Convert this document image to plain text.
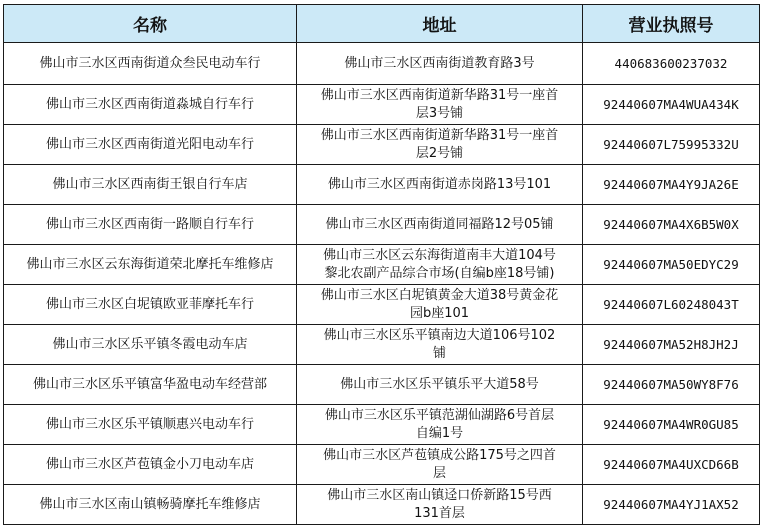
名称	地址	营业执照号
佛山市三水区西南街道众叁民电动车行	佛山市三水区西南街道教育路3号	440683600237032
佛山市三水区西南街道淼城自行车行	佛山市三水区西南街道新华路31号一座首层3号铺	92440607MA4WUA434K
佛山市三水区西南街道光阳电动车行	佛山市三水区西南街道新华路31号一座首层2号铺	92440607L75995332U
佛山市三水区西南街王银自行车店	佛山市三水区西南街道赤岗路13号101	92440607MA4Y9JA26E
佛山市三水区西南街一路顺自行车行	佛山市三水区西南街道同福路12号05铺	92440607MA4X6B5W0X
佛山市三水区云东海街道荣北摩托车维修店	佛山市三水区云东海街道南丰大道104号黎北农副产品综合市场(自编b座18号铺)	92440607MA50EDYC29
佛山市三水区白坭镇欧亚菲摩托车行	佛山市三水区白坭镇黄金大道38号黄金花园b座101	92440607L60248043T
佛山市三水区乐平镇冬霞电动车店	佛山市三水区乐平镇南边大道106号102铺	92440607MA52H8JH2J
佛山市三水区乐平镇富华盈电动车经营部	佛山市三水区乐平镇乐平大道58号	92440607MA50WY8F76
佛山市三水区乐平镇顺惠兴电动车行	佛山市三水区乐平镇范湖仙湖路6号首层自编1号	92440607MA4WR0GU85
佛山市三水区芦苞镇金小刀电动车店	佛山市三水区芦苞镇成公路175号之四首层	92440607MA4UXCD66B
佛山市三水区南山镇畅骑摩托车维修店	佛山市三水区南山镇迳口侨新路15号西131首层	92440607MA4YJ1AX52
